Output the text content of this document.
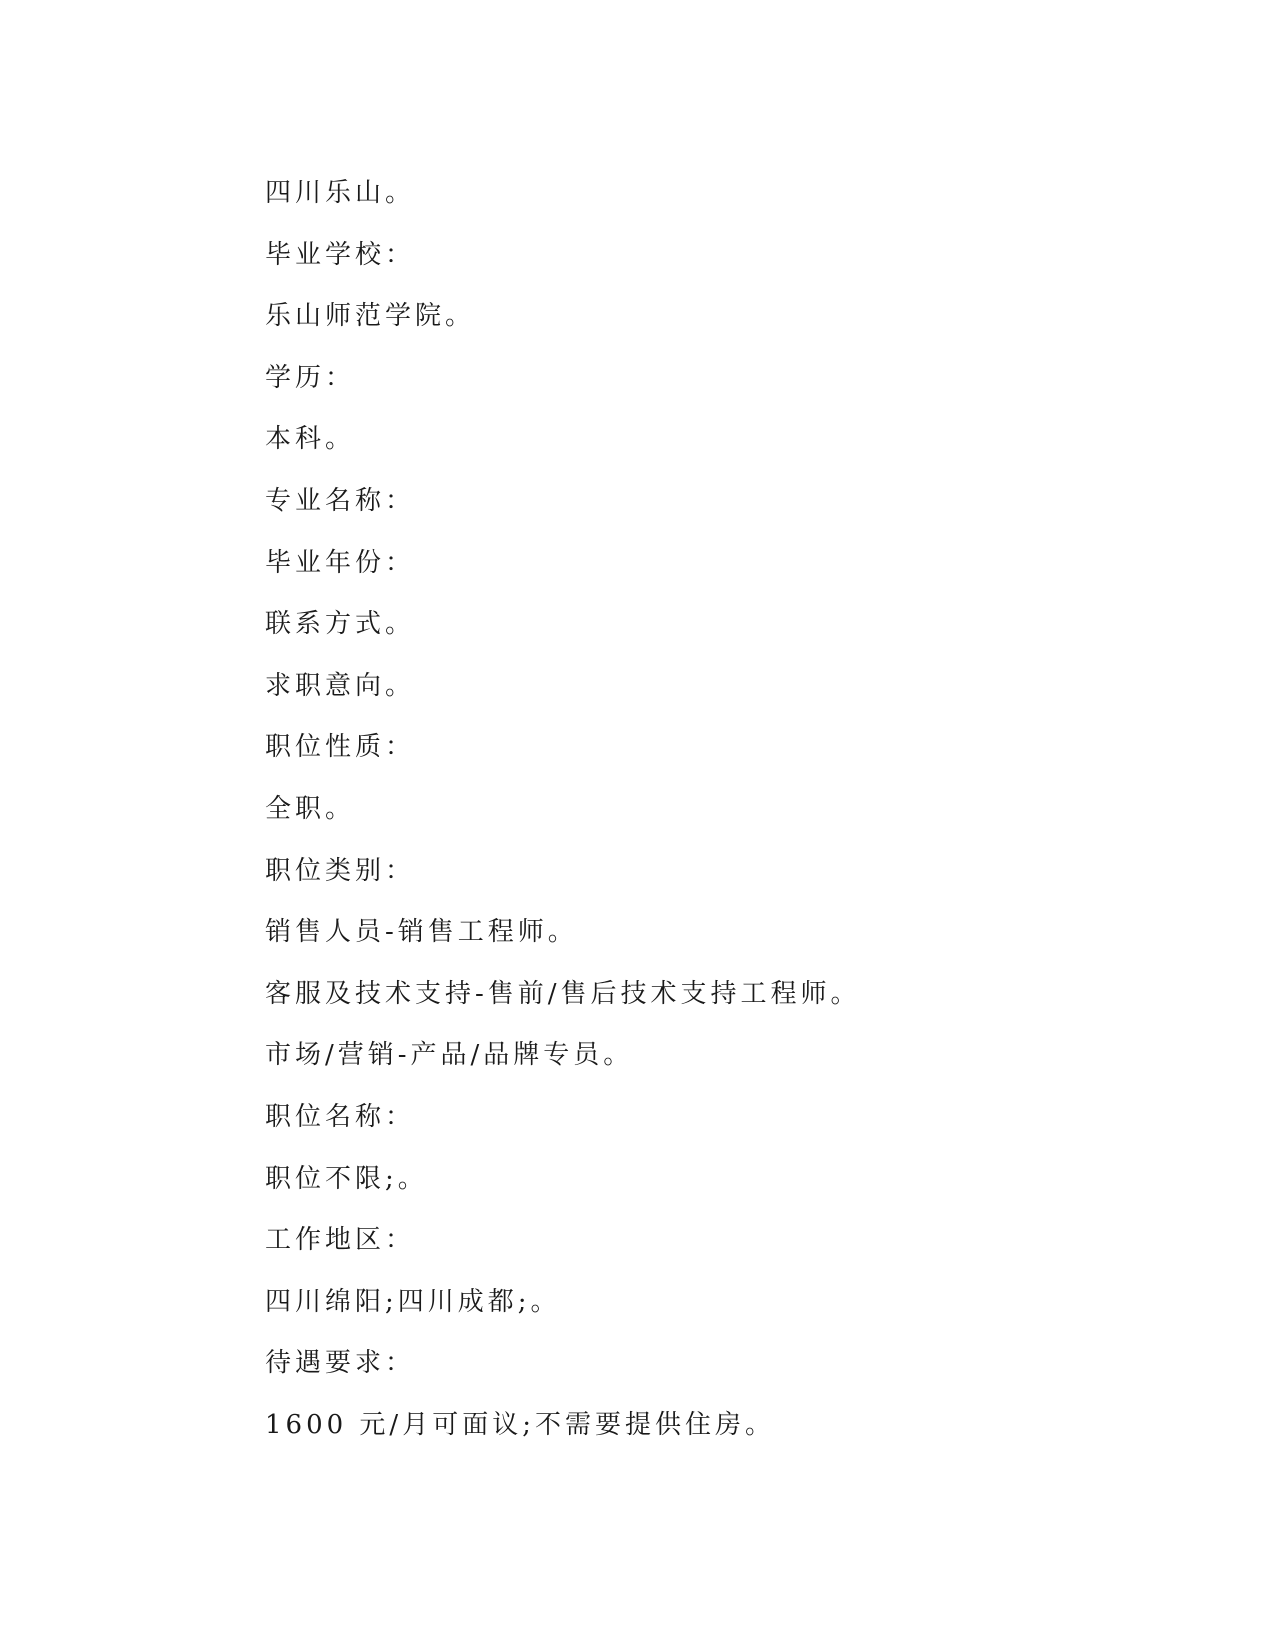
四川乐山。
毕业学校：
乐山师范学院。
学历：
本科。
专业名称：
毕业年份：
联系方式。
求职意向。
职位性质：
全职。
职位类别：
销售人员-销售工程师。
客服及技术支持-售前/售后技术支持工程师。
市场/营销-产品/品牌专员。
职位名称：
职位不限;。
工作地区：
四川绵阳;四川成都;。
待遇要求：
1600 元/月可面议;不需要提供住房。
